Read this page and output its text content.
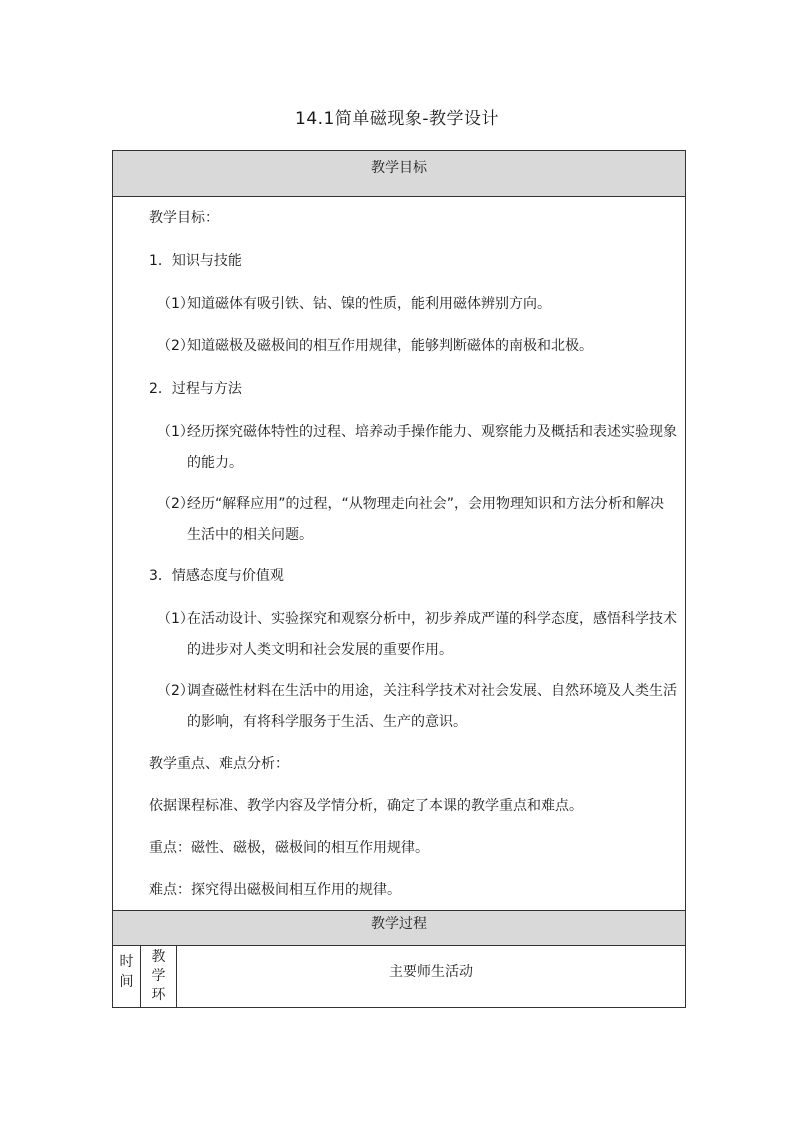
14.1简单磁现象-教学设计
教学目标
教学目标：
1．知识与技能
（1）
知道磁体有吸引铁、钴、镍的性质，能利用磁体辨别方向。
（2）
知道磁极及磁极间的相互作用规律，能够判断磁体的南极和北极。
2．过程与方法
（1）
经历探究磁体特性的过程、培养动手操作能力、观察能力及概括和表述实验现象
的能力。
（2）
经历“解释应用”的过程，“从物理走向社会”，会用物理知识和方法分析和解决
生活中的相关问题。
3．情感态度与价值观
（1）
在活动设计、实验探究和观察分析中，初步养成严谨的科学态度，感悟科学技术
的进步对人类文明和社会发展的重要作用。
（2）
调查磁性材料在生活中的用途，关注科学技术对社会发展、自然环境及人类生活
的影响，有将科学服务于生活、生产的意识。
教学重点、难点分析：
依据课程标准、教学内容及学情分析，确定了本课的教学重点和难点。
重点：磁性、磁极，磁极间的相互作用规律。
难点：探究得出磁极间相互作用的规律。
教学过程
时
间
教
学
环
主要师生活动
